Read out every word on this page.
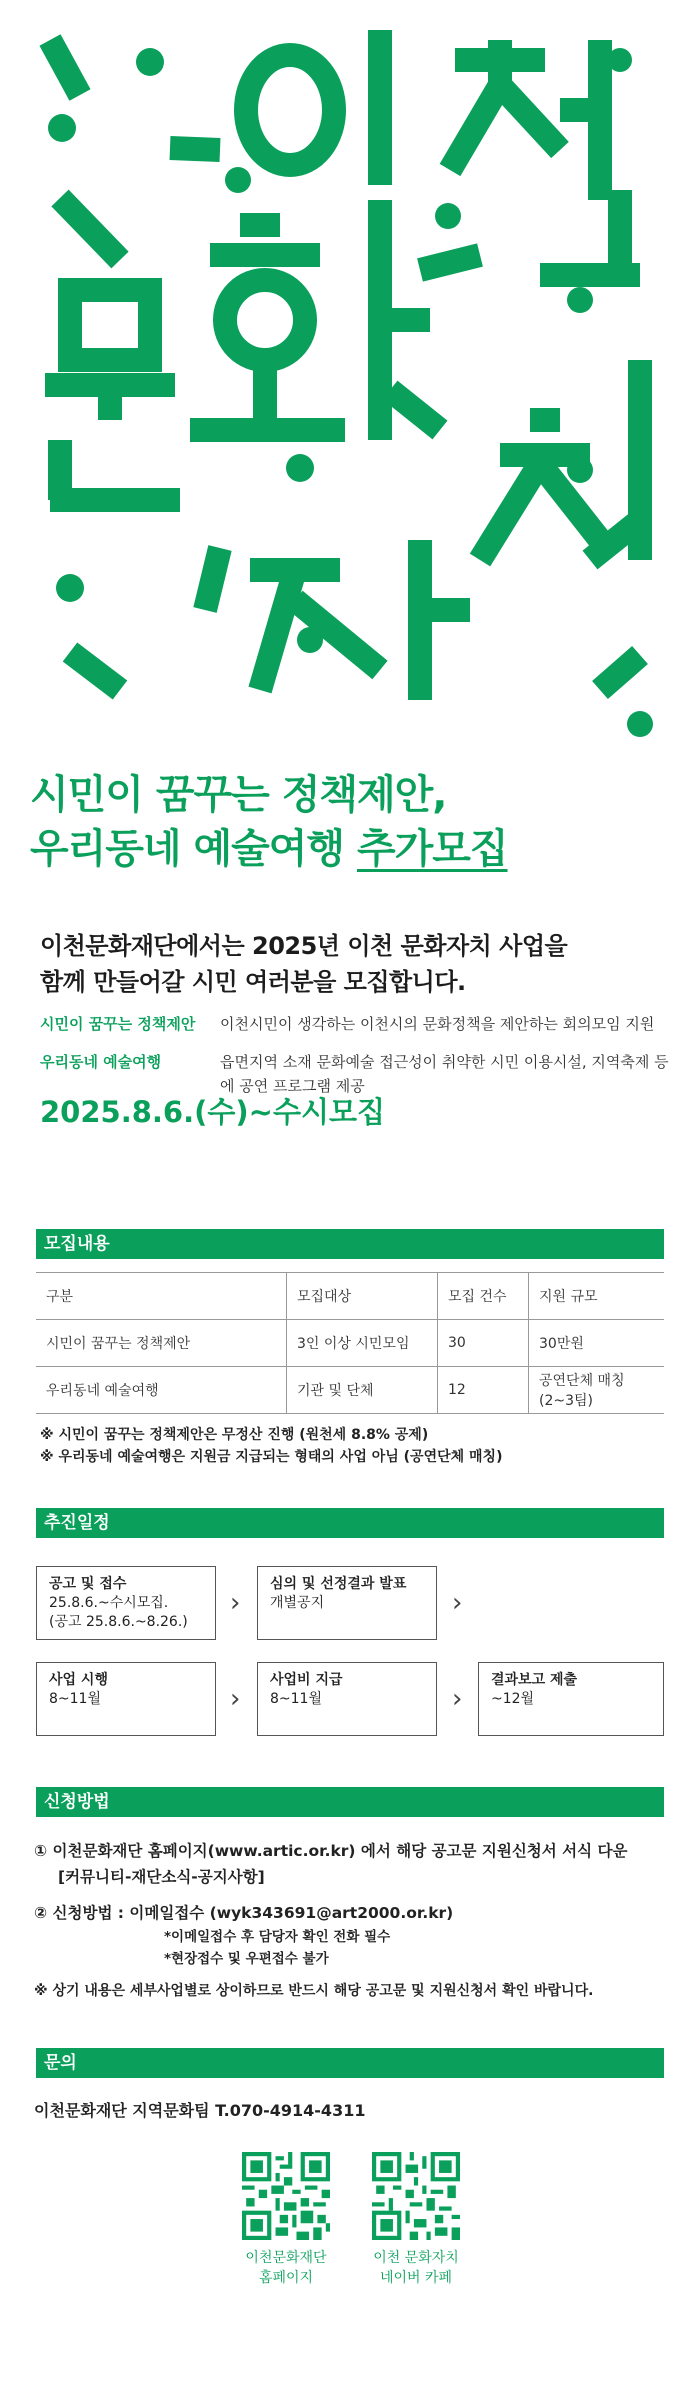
시민이 꿈꾸는 정책제안,
우리동네 예술여행 추가모집
이천문화재단에서는 2025년 이천 문화자치 사업을
함께 만들어갈 시민 여러분을 모집합니다.
시민이 꿈꾸는 정책제안	이천시민이 생각하는 이천시의 문화정책을 제안하는 회의모임 지원
우리동네 예술여행	읍면지역 소재 문화예술 접근성이 취약한 시민 이용시설, 지역축제 등에 공연 프로그램 제공
2025.8.6.(수)~수시모집
모집내용
구분	모집대상	모집 건수	지원 규모
시민이 꿈꾸는 정책제안	3인 이상 시민모임	30	30만원
우리동네 예술여행	기관 및 단체	12	공연단체 매칭 (2~3팀)
※ 시민이 꿈꾸는 정책제안은 무정산 진행 (원천세 8.8% 공제)
※ 우리동네 예술여행은 지원금 지급되는 형태의 사업 아님 (공연단체 매칭)
추진일정
공고 및 접수
25.8.6.~수시모집.
(공고 25.8.6.~8.26.)
›
심의 및 선정결과 발표
개별공지	›
사업 시행
8~11월	›
사업비 지급
8~11월	›
결과보고 제출
~12월
신청방법
① 이천문화재단 홈페이지(www.artic.or.kr) 에서 해당 공고문 지원신청서 서식 다운
[커뮤니티-재단소식-공지사항]
② 신청방법 : 이메일접수 (wyk343691@art2000.or.kr)
*이메일접수 후 담당자 확인 전화 필수
*현장접수 및 우편접수 불가
※ 상기 내용은 세부사업별로 상이하므로 반드시 해당 공고문 및 지원신청서 확인 바랍니다.
문의
이천문화재단 지역문화팀 T.070-4914-4311
이천문화재단
홈페이지
이천 문화자치
네이버 카페
